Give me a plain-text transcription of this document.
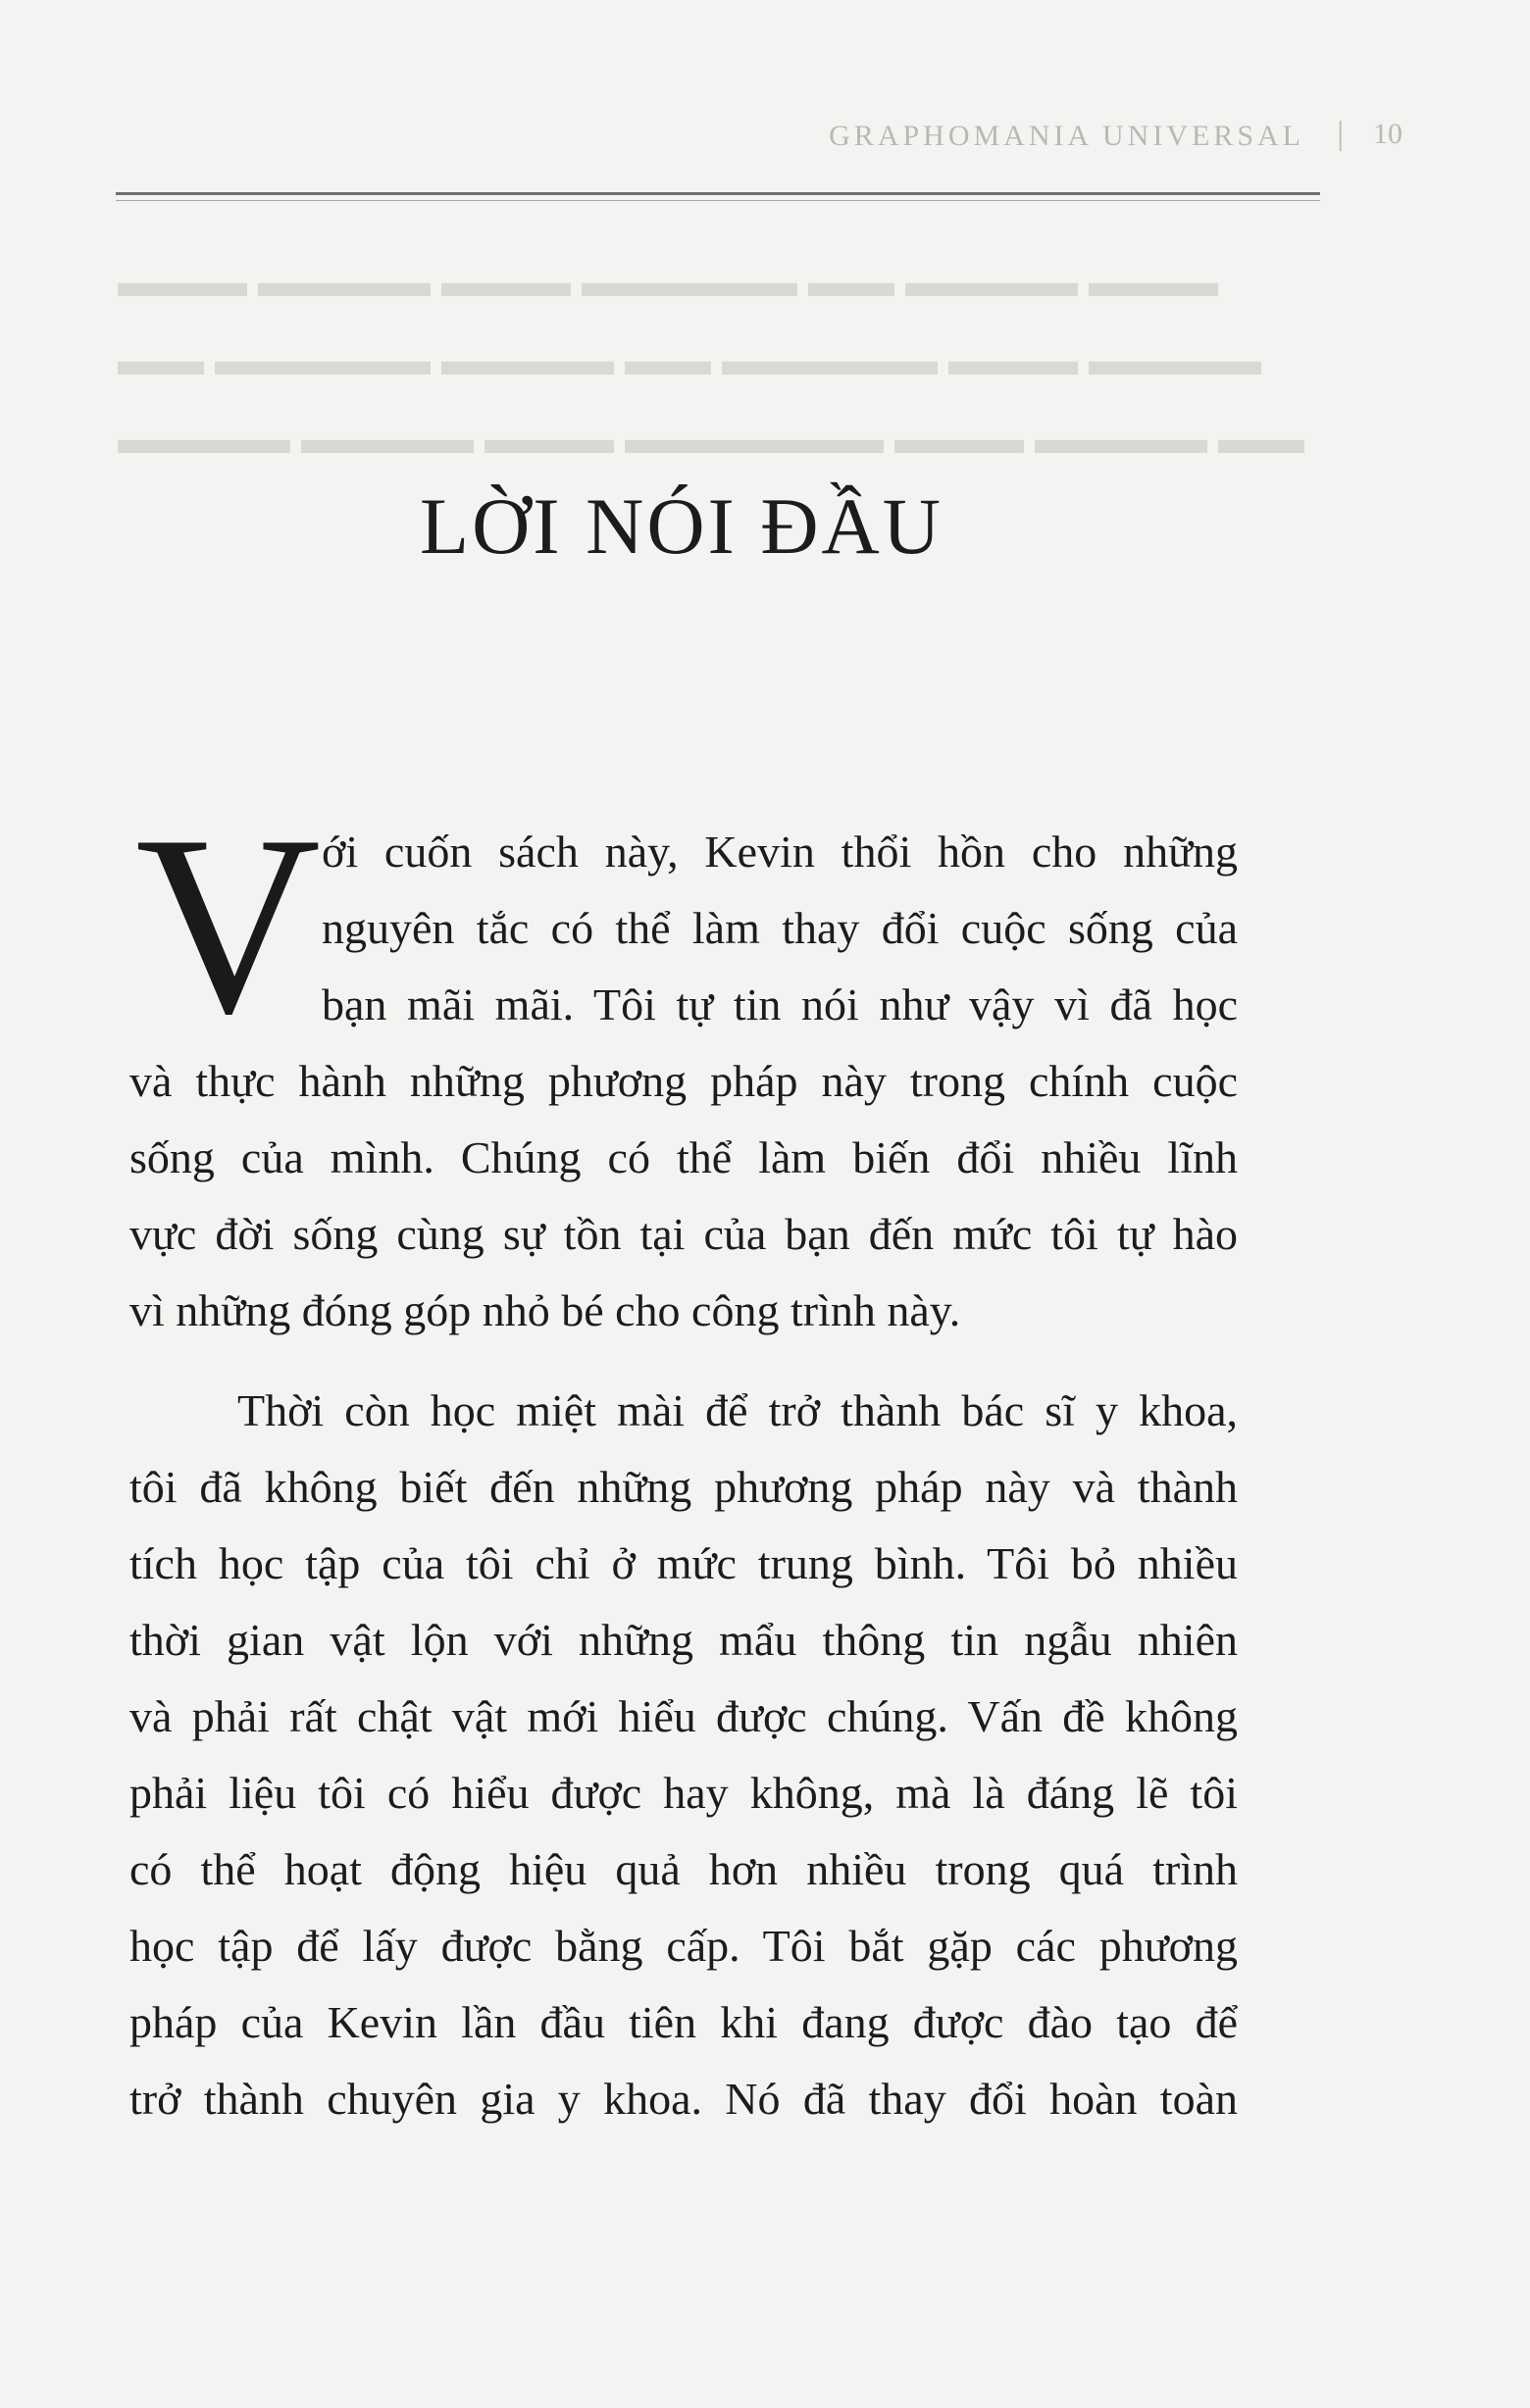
▬▬▬ ▬▬▬▬ ▬▬ ▬▬▬▬▬ ▬▬▬ ▬▬▬▬ ▬▬▬
▬▬▬▬ ▬▬▬ ▬▬▬▬▬ ▬▬ ▬▬▬▬ ▬▬▬▬▬ ▬▬
▬▬ ▬▬▬▬ ▬▬▬ ▬▬▬▬▬▬ ▬▬▬ ▬▬▬▬ ▬▬▬▬
GRAPHOMANIA UNIVERSAL | 10
LỜI NÓI ĐẦU
V ới cuốn sách này, Kevin thổi hồn cho những
nguyên tắc có thể làm thay đổi cuộc sống của
bạn mãi mãi. Tôi tự tin nói như vậy vì đã học
và thực hành những phương pháp này trong chính cuộc
sống của mình. Chúng có thể làm biến đổi nhiều lĩnh
vực đời sống cùng sự tồn tại của bạn đến mức tôi tự hào
vì những đóng góp nhỏ bé cho công trình này.

Thời còn học miệt mài để trở thành bác sĩ y khoa,
tôi đã không biết đến những phương pháp này và thành
tích học tập của tôi chỉ ở mức trung bình. Tôi bỏ nhiều
thời gian vật lộn với những mẩu thông tin ngẫu nhiên
và phải rất chật vật mới hiểu được chúng. Vấn đề không
phải liệu tôi có hiểu được hay không, mà là đáng lẽ tôi
có thể hoạt động hiệu quả hơn nhiều trong quá trình
học tập để lấy được bằng cấp. Tôi bắt gặp các phương
pháp của Kevin lần đầu tiên khi đang được đào tạo để
trở thành chuyên gia y khoa. Nó đã thay đổi hoàn toàn
